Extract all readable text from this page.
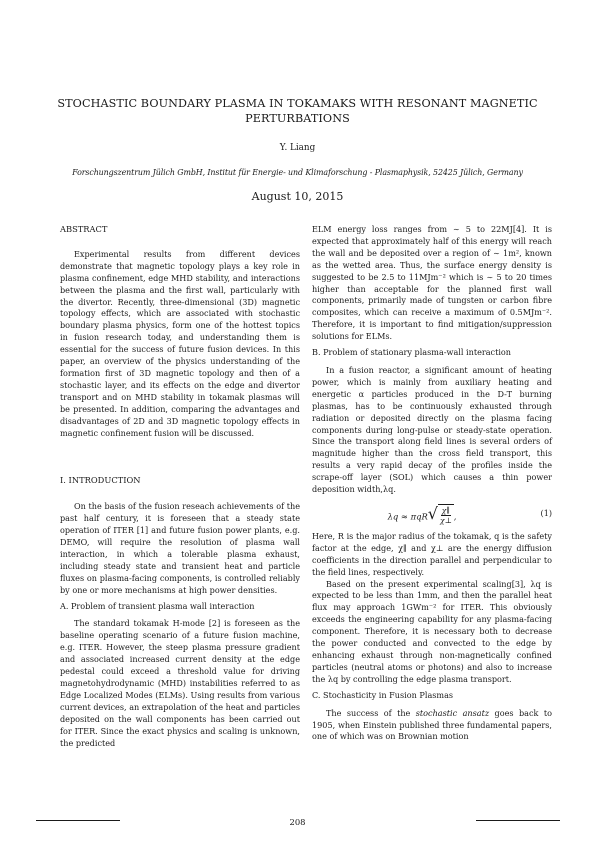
STOCHASTIC BOUNDARY PLASMA IN TOKAMAKS WITH RESONANT MAGNETIC PERTURBATIONS
Y. Liang
Forschungszentrum Jülich GmbH, Institut für Energie- und Klimaforschung - Plasmaphysik, 52425 Jülich, Germany
August 10, 2015

ABSTRACT

Experimental results from different devices demonstrate that magnetic topology plays a key role in plasma confinement, edge MHD stability, and interactions between the plasma and the first wall, particularly with the divertor. Recently, three-dimensional (3D) magnetic topology effects, which are associated with stochastic boundary plasma physics, form one of the hottest topics in fusion research today, and understanding them is essential for the success of future fusion devices. In this paper, an overview of the physics understanding of the formation first of 3D magnetic topology and then of a stochastic layer, and its effects on the edge and divertor transport and on MHD stability in tokamak plasmas will be presented. In addition, comparing the advantages and disadvantages of 2D and 3D magnetic topology effects in magnetic confinement fusion will be discussed.

I. INTRODUCTION

On the basis of the fusion reseach achievements of the past half century, it is foreseen that a steady state operation of ITER [1] and future fusion power plants, e.g. DEMO, will require the resolution of plasma wall interaction, in which a tolerable plasma exhaust, including steady state and transient heat and particle fluxes on plasma-facing components, is controlled reliably by one or more mechanisms at high power densities.

A. Problem of transient plasma wall interaction

The standard tokamak H-mode [2] is foreseen as the baseline operating scenario of a future fusion machine, e.g. ITER. However, the steep plasma pressure gradient and associated increased current density at the edge pedestal could exceed a threshold value for driving magnetohydrodynamic (MHD) instabilities referred to as Edge Localized Modes (ELMs). Using results from various current devices, an extrapolation of the heat and particles deposited on the wall components has been carried out for ITER. Since the exact physics and scaling is unknown, the predicted

ELM energy loss ranges from ∼ 5 to 22MJ[4]. It is expected that approximately half of this energy will reach the wall and be deposited over a region of ∼ 1m², known as the wetted area. Thus, the surface energy density is suggested to be 2.5 to 11MJm⁻² which is ∼ 5 to 20 times higher than acceptable for the planned first wall components, primarily made of tungsten or carbon fibre composites, which can receive a maximum of 0.5MJm⁻². Therefore, it is important to find mitigation/suppression solutions for ELMs.

B. Problem of stationary plasma-wall interaction

In a fusion reactor, a significant amount of heating power, which is mainly from auxiliary heating and energetic α particles produced in the D-T burning plasmas, has to be continuously exhausted through radiation or deposited directly on the plasma facing components during long-pulse or steady-state operation. Since the transport along field lines is several orders of magnitude higher than the cross field transport, this results a very rapid decay of the profiles inside the scrape-off layer (SOL) which causes a thin power deposition width,λq.

λq ≈ πqR √ $\frac{\chi\parallel}{\chi\perp}$ ,	(1)

Here, R is the major radius of the tokamak, q is the safety factor at the edge, χ∥ and χ⊥ are the energy diffusion coefficients in the direction parallel and perpendicular to the field lines, respectively.

Based on the present experimental scaling[3], λq is expected to be less than 1mm, and then the parallel heat flux may approach 1GWm⁻² for ITER. This obviously exceeds the engineering capability for any plasma-facing component. Therefore, it is necessary both to decrease the power conducted and convected to the edge by enhancing exhaust through non-magnetically confined particles (neutral atoms or photons) and also to increase the λq by controlling the edge plasma transport.

C. Stochasticity in Fusion Plasmas

The success of the stochastic ansatz goes back to 1905, when Einstein published three fundamental papers, one of which was on Brownian motion

208
